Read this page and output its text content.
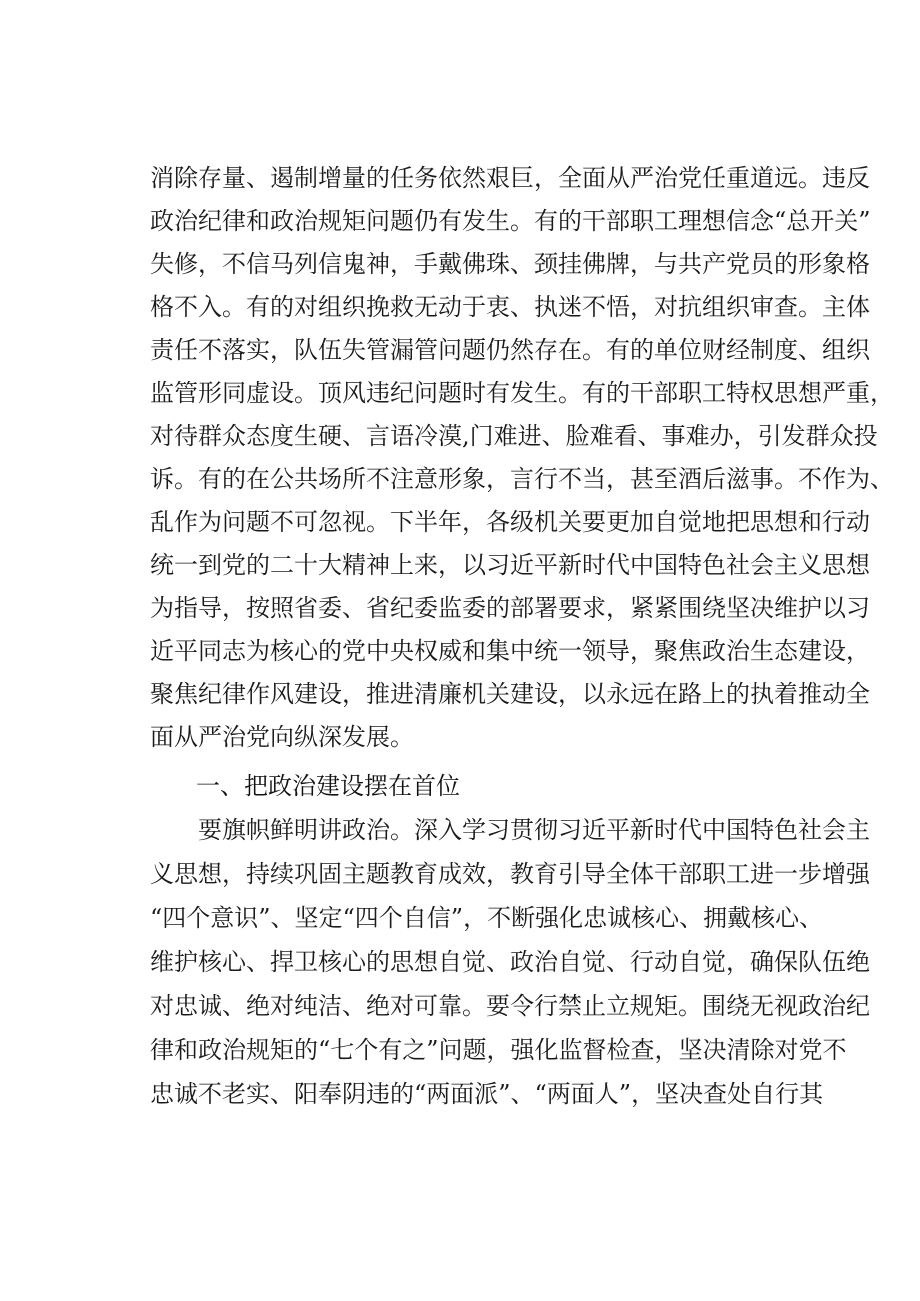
消除存量、遏制增量的任务依然艰巨，全面从严治党任重道远。违反
政治纪律和政治规矩问题仍有发生。有的干部职工理想信念“总开关”
失修，不信马列信鬼神，手戴佛珠、颈挂佛牌，与共产党员的形象格
格不入。有的对组织挽救无动于衷、执迷不悟，对抗组织审查。主体
责任不落实，队伍失管漏管问题仍然存在。有的单位财经制度、组织
监管形同虚设。顶风违纪问题时有发生。有的干部职工特权思想严重，
对待群众态度生硬、言语冷漠,门难进、脸难看、事难办，引发群众投
诉。有的在公共场所不注意形象，言行不当，甚至酒后滋事。不作为、
乱作为问题不可忽视。下半年，各级机关要更加自觉地把思想和行动
统一到党的二十大精神上来，以习近平新时代中国特色社会主义思想
为指导，按照省委、省纪委监委的部署要求，紧紧围绕坚决维护以习
近平同志为核心的党中央权威和集中统一领导，聚焦政治生态建设，
聚焦纪律作风建设，推进清廉机关建设，以永远在路上的执着推动全
面从严治党向纵深发展。
一、把政治建设摆在首位
要旗帜鲜明讲政治。深入学习贯彻习近平新时代中国特色社会主
义思想，持续巩固主题教育成效，教育引导全体干部职工进一步增强
“四个意识”、坚定“四个自信”，不断强化忠诚核心、拥戴核心、
维护核心、捍卫核心的思想自觉、政治自觉、行动自觉，确保队伍绝
对忠诚、绝对纯洁、绝对可靠。要令行禁止立规矩。围绕无视政治纪
律和政治规矩的“七个有之”问题，强化监督检查，坚决清除对党不
忠诚不老实、阳奉阴违的“两面派”、“两面人”，坚决查处自行其
